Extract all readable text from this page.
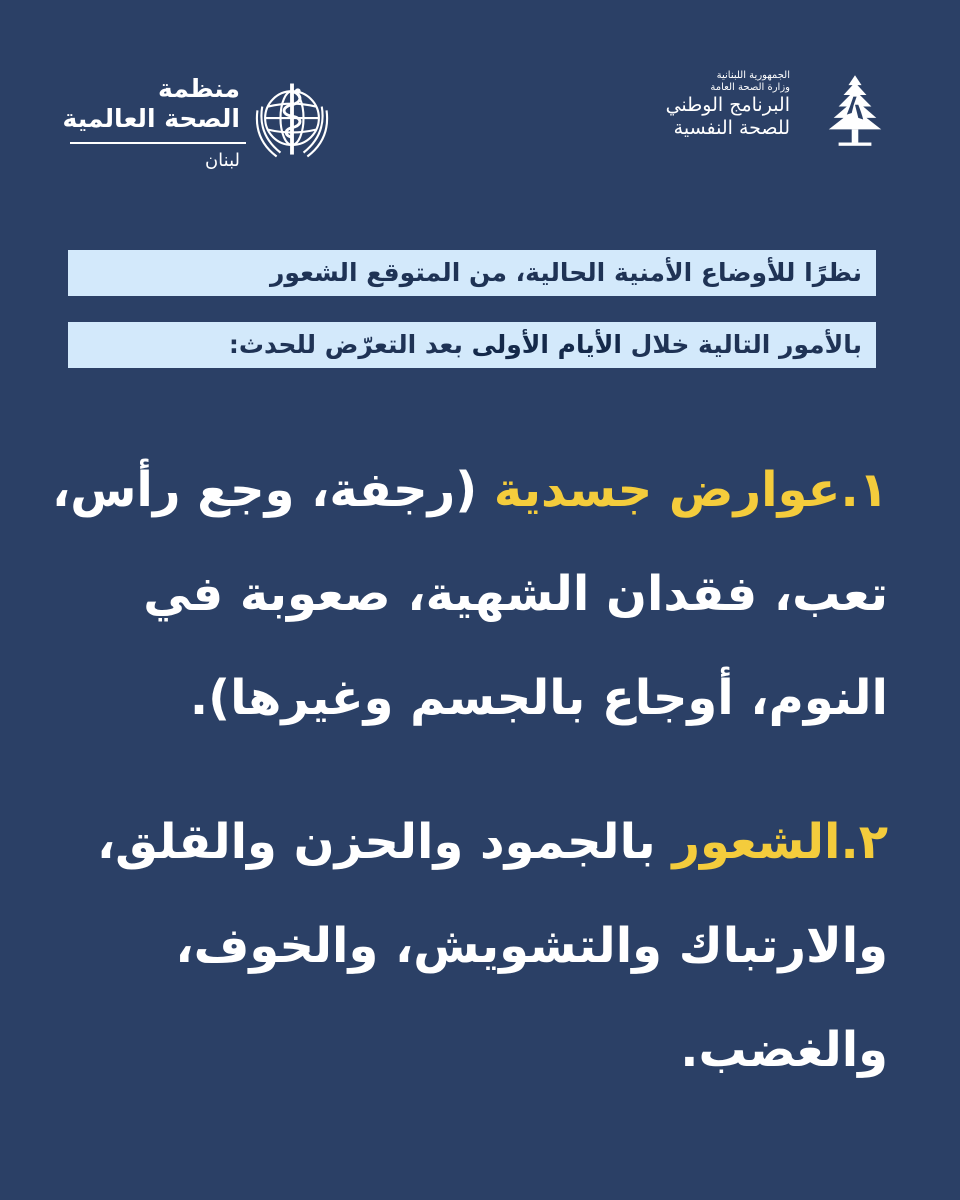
منظمة
الصحة العالمية
لبنان
الجمهورية اللبنانية
وزارة الصحة العامة
البرنامج الوطني
للصحة النفسية
نظرًا للأوضاع الأمنية الحالية، من المتوقع الشعور
بالأمور التالية خلال الأيام الأولى بعد التعرّض للحدث:
١.عوارض جسدية (رجفة، وجع رأس،
تعب، فقدان الشهية، صعوبة في
النوم، أوجاع بالجسم وغيرها).
٢.الشعور بالجمود والحزن والقلق،
والارتباك والتشويش، والخوف،
والغضب.
